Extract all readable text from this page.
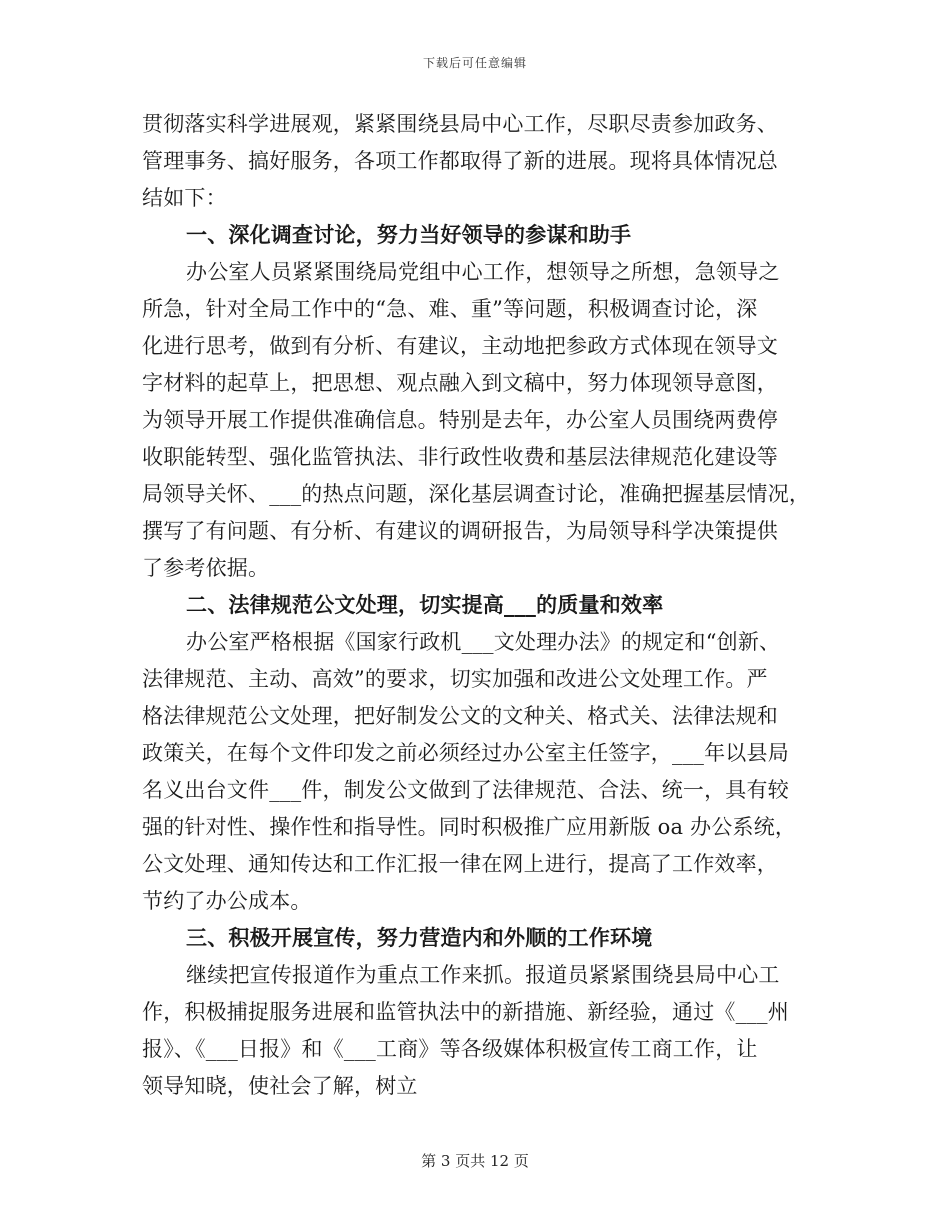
下载后可任意编辑
贯彻落实科学进展观，紧紧围绕县局中心工作，尽职尽责参加政务、
管理事务、搞好服务，各项工作都取得了新的进展。现将具体情况总
结如下：
一、深化调查讨论，努力当好领导的参谋和助手
办公室人员紧紧围绕局党组中心工作，想领导之所想，急领导之
所急，针对全局工作中的“急、难、重”等问题，积极调查讨论，深
化进行思考，做到有分析、有建议，主动地把参政方式体现在领导文
字材料的起草上，把思想、观点融入到文稿中，努力体现领导意图，
为领导开展工作提供准确信息。特别是去年，办公室人员围绕两费停
收职能转型、强化监管执法、非行政性收费和基层法律规范化建设等
局领导关怀、___的热点问题，深化基层调查讨论，准确把握基层情况，
撰写了有问题、有分析、有建议的调研报告，为局领导科学决策提供
了参考依据。
二、法律规范公文处理，切实提高___的质量和效率
办公室严格根据《国家行政机___文处理办法》的规定和“创新、
法律规范、主动、高效”的要求，切实加强和改进公文处理工作。严
格法律规范公文处理，把好制发公文的文种关、格式关、法律法规和
政策关，在每个文件印发之前必须经过办公室主任签字，___年以县局
名义出台文件___件，制发公文做到了法律规范、合法、统一，具有较
强的针对性、操作性和指导性。同时积极推广应用新版 oa 办公系统，
公文处理、通知传达和工作汇报一律在网上进行，提高了工作效率，
节约了办公成本。
三、积极开展宣传，努力营造内和外顺的工作环境
继续把宣传报道作为重点工作来抓。报道员紧紧围绕县局中心工
作，积极捕捉服务进展和监管执法中的新措施、新经验，通过《___州
报》、《___日报》和《___工商》等各级媒体积极宣传工商工作，让
领导知晓，使社会了解，树立
第 3 页共 12 页
